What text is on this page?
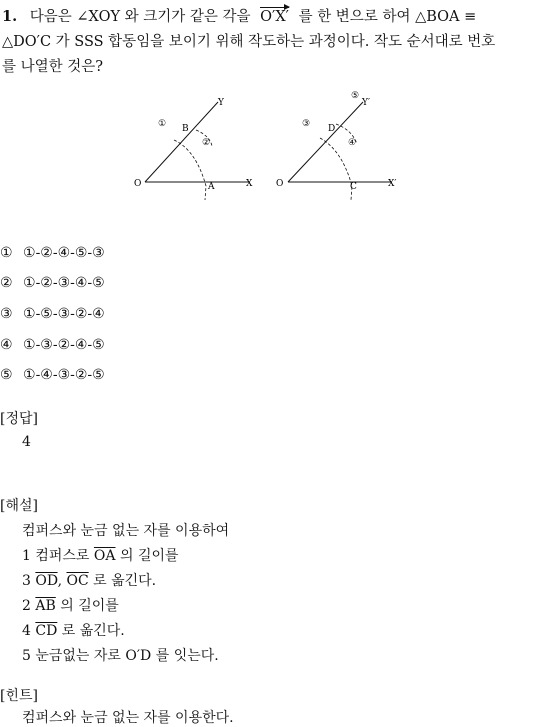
1. 다음은 ∠XOY 와 크기가 같은 각을 O′X′ 를 한 변으로 하여 △BOA ≡
△DO′C 가 SSS 합동임을 보이기 위해 작도하는 과정이다. 작도 순서대로 번호
를 나열한 것은?
O	X
Y
A
B
①
②
O	X′
Y′
C
D
③
④
⑤
① ①-②-④-⑤-③
② ①-②-③-④-⑤
③ ①-⑤-③-②-④
④ ①-③-②-④-⑤
⑤ ①-④-③-②-⑤
[정답]
4
[해설]
컴퍼스와 눈금 없는 자를 이용하여
1 컴퍼스로 $\overline{OA}$ 의 길이를
3 $\overline{OD}$, $\overline{OC}$ 로 옮긴다.
2 $\overline{AB}$ 의 길이를
4 $\overline{CD}$ 로 옮긴다.
5 눈금없는 자로 O′D 를 잇는다.
[힌트]
컴퍼스와 눈금 없는 자를 이용한다.
